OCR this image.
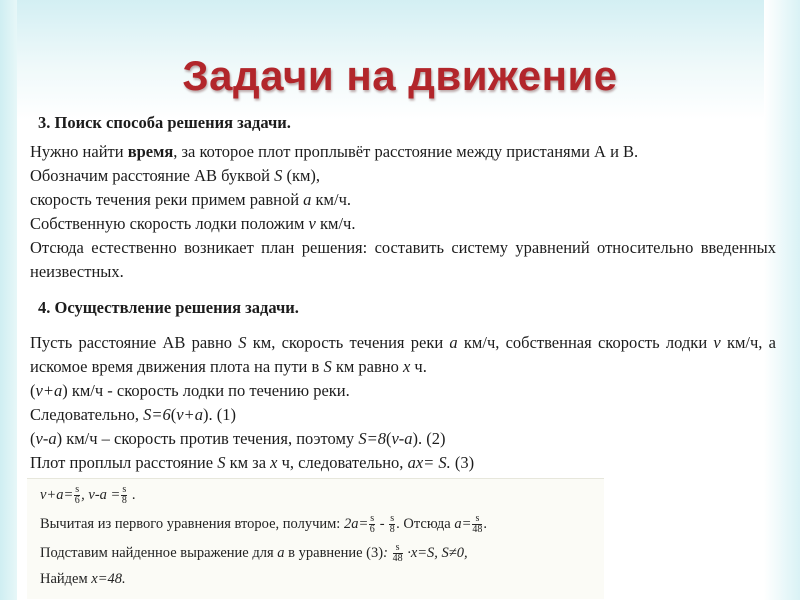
Задачи на движение
3. Поиск способа решения задачи.
Нужно найти время, за которое плот проплывёт расстояние между пристанями А и В.
Обозначим расстояние АВ буквой S (км),
скорость течения реки примем равной а км/ч.
Собственную скорость лодки положим v км/ч.
Отсюда естественно возникает план решения: составить систему уравнений относительно введенных неизвестных.
4. Осуществление решения задачи.
Пусть расстояние АВ равно S км, скорость течения реки а км/ч, собственная скорость лодки v км/ч, а искомое время движения плота на пути в S км равно х ч.
(v+а) км/ч - скорость лодки по течению реки.
Следовательно, S=6(v+а). (1)
(v-а) км/ч – скорость против течения, поэтому S=8(v-а). (2)
Плот проплыл расстояние S км за х ч, следовательно, ах= S. (3)
$v+a= \frac{s}{6}$ , $v-a = \frac{s}{8}$ .
Вычитая из первого уравнения второе, получим: $2a= \frac{s}{6} - \frac{s}{8}$ . Отсюда $a= \frac{s}{48}$ .
Подставим найденное выражение для a в уравнение (3): $\frac{s}{48} \cdot x=S$, S≠0,
Найдем x=48.
